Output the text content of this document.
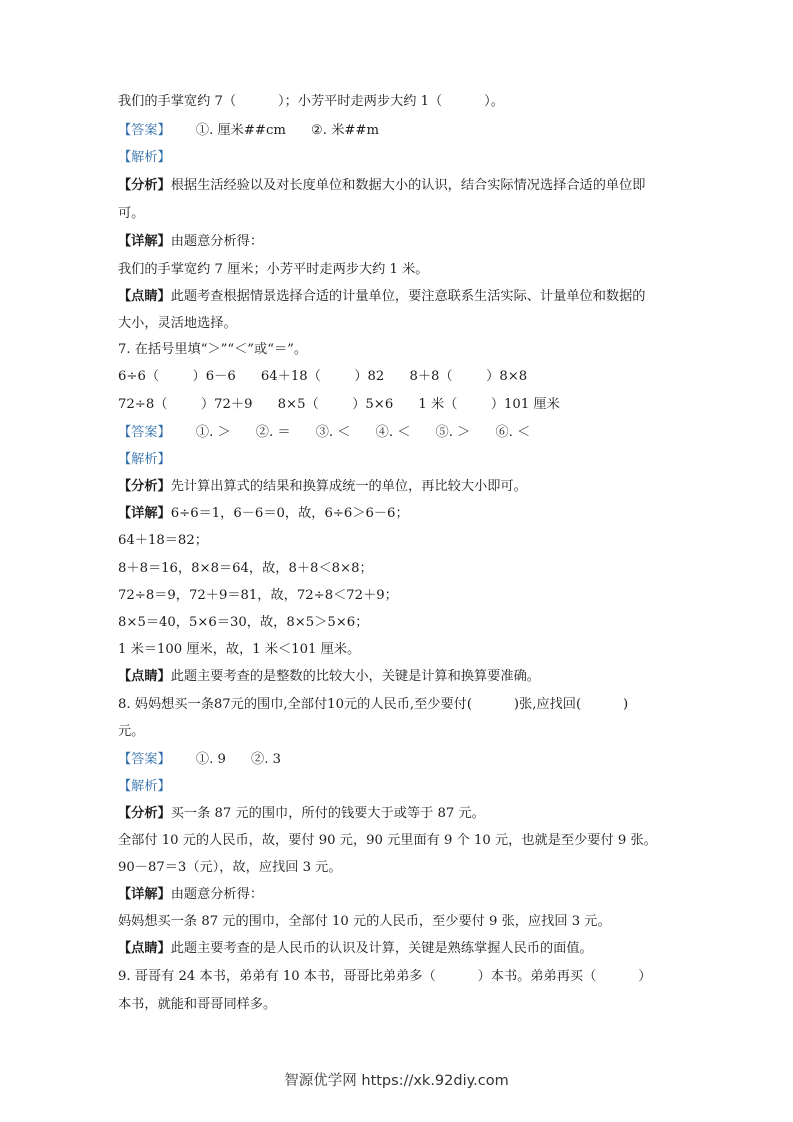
我们的手掌宽约 7（          ）；小芳平时走两步大约 1（          ）。
【答案】      ①. 厘米##cm      ②. 米##m
【解析】
【分析】根据生活经验以及对长度单位和数据大小的认识，结合实际情况选择合适的单位即
可。
【详解】由题意分析得：
我们的手掌宽约 7 厘米；小芳平时走两步大约 1 米。
【点睛】此题考查根据情景选择合适的计量单位，要注意联系生活实际、计量单位和数据的
大小，灵活地选择。
7. 在括号里填“＞”“＜”或“＝”。
6÷6（        ）6－6      64＋18（        ）82      8＋8（        ）8×8
72÷8（        ）72＋9      8×5（        ）5×6      1 米（        ）101 厘米
【答案】      ①. ＞      ②. ＝      ③. ＜      ④. ＜      ⑤. ＞      ⑥. ＜
【解析】
【分析】先计算出算式的结果和换算成统一的单位，再比较大小即可。
【详解】6÷6＝1，6－6＝0，故，6÷6＞6－6；
64＋18＝82；
8＋8＝16，8×8＝64，故，8＋8＜8×8；
72÷8＝9，72＋9＝81，故，72÷8＜72＋9；
8×5＝40，5×6＝30，故，8×5＞5×6；
1 米＝100 厘米，故，1 米＜101 厘米。
【点睛】此题主要考查的是整数的比较大小，关键是计算和换算要准确。
8. 妈妈想买一条87元的围巾,全部付10元的人民币,至少要付(          )张,应找回(          )
元。
【答案】      ①. 9      ②. 3
【解析】
【分析】买一条 87 元的围巾，所付的钱要大于或等于 87 元。
全部付 10 元的人民币，故，要付 90 元，90 元里面有 9 个 10 元，也就是至少要付 9 张。
90－87＝3（元），故，应找回 3 元。
【详解】由题意分析得：
妈妈想买一条 87 元的围巾，全部付 10 元的人民币，至少要付 9 张，应找回 3 元。
【点睛】此题主要考查的是人民币的认识及计算，关键是熟练掌握人民币的面值。
9. 哥哥有 24 本书，弟弟有 10 本书，哥哥比弟弟多（          ）本书。弟弟再买（          ）
本书，就能和哥哥同样多。
智源优学网 https://xk.92diy.com
